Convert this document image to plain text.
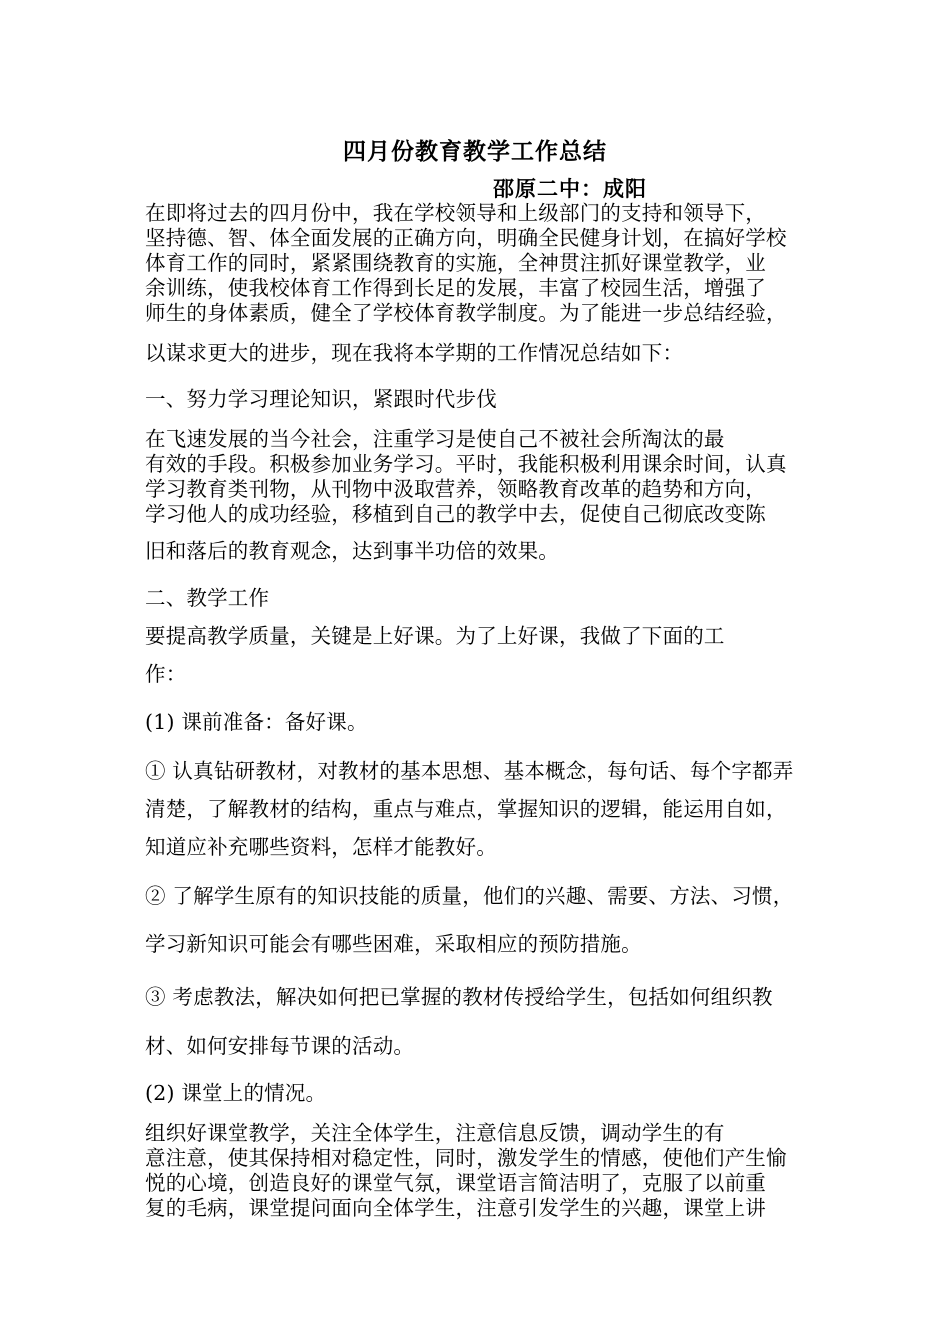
四月份教育教学工作总结
邵原二中：成阳
在即将过去的四月份中，我在学校领导和上级部门的支持和领导下，
坚持德、智、体全面发展的正确方向，明确全民健身计划，在搞好学校
体育工作的同时，紧紧围绕教育的实施，全神贯注抓好课堂教学，业
余训练，使我校体育工作得到长足的发展，丰富了校园生活，增强了
师生的身体素质，健全了学校体育教学制度。为了能进一步总结经验，
以谋求更大的进步，现在我将本学期的工作情况总结如下：
一、努力学习理论知识，紧跟时代步伐
在飞速发展的当今社会，注重学习是使自己不被社会所淘汰的最
有效的手段。积极参加业务学习。平时，我能积极利用课余时间，认真
学习教育类刊物，从刊物中汲取营养，领略教育改革的趋势和方向，
学习他人的成功经验，移植到自己的教学中去，促使自己彻底改变陈
旧和落后的教育观念，达到事半功倍的效果。
二、教学工作
要提高教学质量，关键是上好课。为了上好课，我做了下面的工
作：
(1) 课前准备：备好课。
① 认真钻研教材，对教材的基本思想、基本概念，每句话、每个字都弄
清楚，了解教材的结构，重点与难点，掌握知识的逻辑，能运用自如，
知道应补充哪些资料，怎样才能教好。
② 了解学生原有的知识技能的质量，他们的兴趣、需要、方法、习惯，
学习新知识可能会有哪些困难，采取相应的预防措施。
③ 考虑教法，解决如何把已掌握的教材传授给学生，包括如何组织教
材、如何安排每节课的活动。
(2) 课堂上的情况。
组织好课堂教学，关注全体学生，注意信息反馈，调动学生的有
意注意，使其保持相对稳定性，同时，激发学生的情感，使他们产生愉
悦的心境，创造良好的课堂气氛，课堂语言简洁明了，克服了以前重
复的毛病，课堂提问面向全体学生，注意引发学生的兴趣，课堂上讲
